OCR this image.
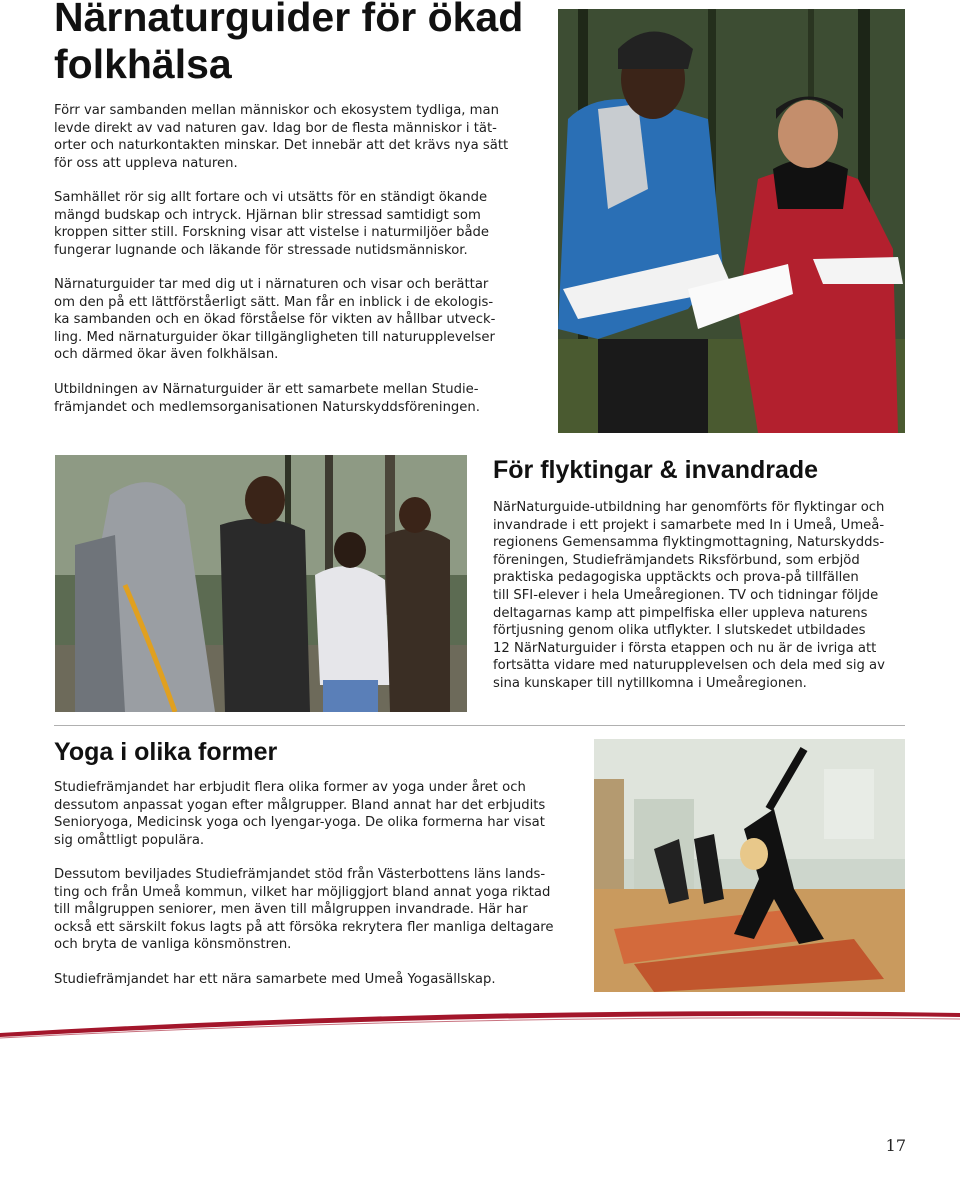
Närnaturguider för ökad folkhälsa
Förr var sambanden mellan människor och ekosystem tydliga, man
levde direkt av vad naturen gav. Idag bor de flesta människor i tät-
orter och naturkontakten minskar. Det innebär att det krävs nya sätt
för oss att uppleva naturen.
Samhället rör sig allt fortare och vi utsätts för en ständigt ökande
mängd budskap och intryck. Hjärnan blir stressad samtidigt som
kroppen sitter still. Forskning visar att vistelse i naturmiljöer både
fungerar lugnande och läkande för stressade nutidsmänniskor.
Närnaturguider tar med dig ut i närnaturen och visar och berättar
om den på ett lättförståerligt sätt. Man får en inblick i de ekologis-
ka sambanden och en ökad förståelse för vikten av hållbar utveck-
ling. Med närnaturguider ökar tillgängligheten till naturupplevelser
och därmed ökar även folkhälsan.
Utbildningen av Närnaturguider är ett samarbete mellan Studie-
främjandet och medlemsorganisationen Naturskyddsföreningen.
För flyktingar & invandrade
NärNaturguide-utbildning har genomförts för flyktingar och
invandrade i ett projekt i samarbete med In i Umeå, Umeå-
regionens Gemensamma flyktingmottagning, Naturskydds-
föreningen, Studiefrämjandets Riksförbund, som erbjöd
praktiska pedagogiska upptäckts och prova-på tillfällen
till SFI-elever i hela Umeåregionen. TV och tidningar följde
deltagarnas kamp att pimpelfiska eller uppleva naturens
förtjusning genom olika utflykter. I slutskedet utbildades
12 NärNaturguider i första etappen och nu är de ivriga att
fortsätta vidare med naturupplevelsen och dela med sig av
sina kunskaper till nytillkomna i Umeåregionen.
Yoga i olika former
Studiefrämjandet har erbjudit flera olika former av yoga under året och
dessutom anpassat yogan efter målgrupper. Bland annat har det erbjudits
Senioryoga, Medicinsk yoga och Iyengar-yoga. De olika formerna har visat
sig omåttligt populära.
Dessutom beviljades Studiefrämjandet stöd från Västerbottens läns lands-
ting och från Umeå kommun, vilket har möjliggjort bland annat yoga riktad
till målgruppen seniorer, men även till målgruppen invandrade. Här har
också ett särskilt fokus lagts på att försöka rekrytera fler manliga deltagare
och bryta de vanliga könsmönstren.
Studiefrämjandet har ett nära samarbete med Umeå Yogasällskap.
17
